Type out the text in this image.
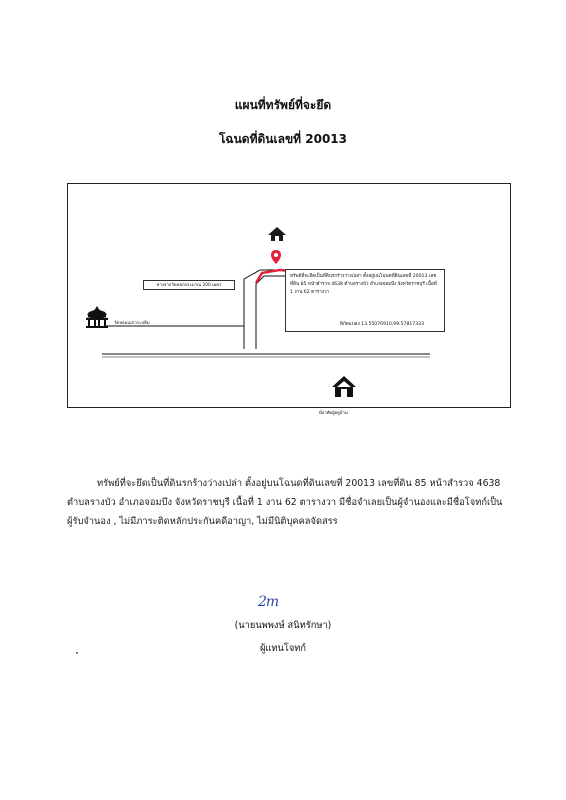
แผนที่ทรัพย์ที่จะยึด
โฉนดที่ดินเลขที่ 20013
ห่างจากวัดหอกประมาณ 200 เมตร
ทรัพย์ที่จะยึดเป็นที่ดินรกร้างว่างเปล่า ตั้งอยู่บนโฉนดที่ดินเลขที่ 20013 เลขที่ดิน 85 หน้าสำรวจ 4638 ตำบลรางบัว อำเภอจอมบึง จังหวัดราชบุรี เนื้อที่ 1 งาน 62 ตารางวา
พิกัดแปลง 13.55070910,99.57817333
วัดหอมเมกวระปดิม
ที่อาศัยผู้อยู่บ้าน
ทรัพย์ที่จะยึดเป็นที่ดินรกร้างว่างเปล่า ตั้งอยู่บนโฉนดที่ดินเลขที่ 20013 เลขที่ดิน 85 หน้าสำรวจ 4638 ตำบลรางบัว อำเภอจอมบึง จังหวัดราชบุรี เนื้อที่ 1 งาน 62 ตารางวา มีชื่อจำเลยเป็นผู้จำนองและมีชื่อโจทก์เป็นผู้รับจำนอง , ไม่มีภาระติดหลักประกันคดีอาญา, ไม่มีนิติบุคคลจัดสรร
2m
(นายนพพงษ์ สนิทรักษา)
ผู้แทนโจทก์
